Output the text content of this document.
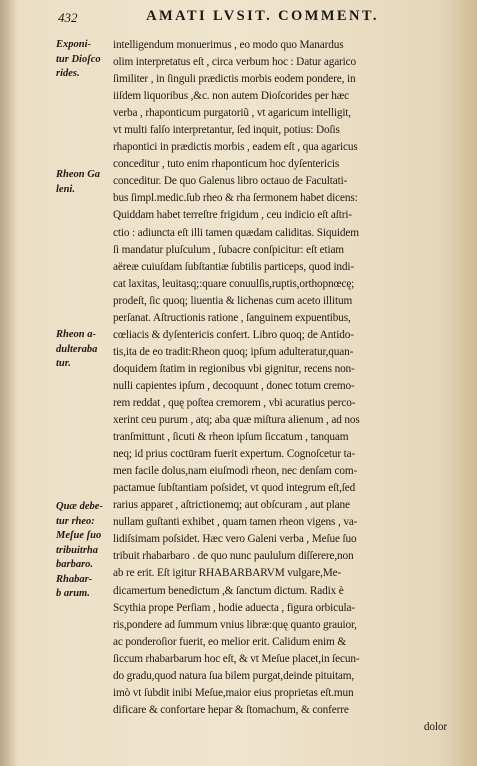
432	AMATI LVSIT. COMMENT.
Exponi-
tur Dioſco
rides.
Rheon Ga
leni.
Rheon a-
dulteraba
tur.
Quæ debe-
tur rheo:
Meſue ſuo
tribuitrha
barbaro.
Rhabar-
b arum.
intelligendum monuerimus , eo modo quo Manardus
olim interpretatus eſt , circa verbum hoc : Datur agarico
ſimiliter , in ſinguli prædictis morbis eodem pondere, in
iiſdem liquoribus ,&c. non autem Dioſcorides per hæc
verba , rhaponticum purgatoriũ , vt agaricum intelligit,
vt multi falſo interpretantur, ſed inquit, potius: Doſis
rhapontici in prædictis morbis , eadem eſt , qua agaricus
conceditur , tuto enim rhaponticum hoc dyſentericis
conceditur. De quo Galenus libro octauo de Facultati-
bus ſimpl.medic.ſub rheo & rha ſermonem habet dicens:
Quiddam habet terreſtre frigidum , ceu indicio eſt aſtri-
ctio : adiuncta eſt illi tamen quædam caliditas. Siquidem
ſi mandatur pluſculum , ſubacre conſpicitur: eſt etiam
aëreæ cuiuſdam ſubſtantiæ ſubtilis particeps, quod indi-
cat laxitas, leuitasq;:quare conuulſis,ruptis,orthopnœcę;
prodeſt, ſic quoq; liuentia & lichenas cum aceto illitum
perſanat. Aſtructionis ratione , ſanguinem expuentibus,
cœliacis & dyſentericis confert. Libro quoq; de Antido-
tis,ita de eo tradit:Rheon quoq; ipſum adulteratur,quan-
doquidem ſtatim in regionibus vbi gignitur, recens non-
nulli capientes ipſum , decoquunt , donec totum cremo-
rem reddat , quę poſtea cremorem , vbi acuratius perco-
xerint ceu purum , atq; aba quæ miſtura alienum , ad nos
tranſmittunt , ſicuti & rheon ipſum ſiccatum , tanquam
neq; id prius coctūram fuerit expertum. Cognoſcetur ta-
men facile dolus,nam eiuſmodi rheon, nec denſam com-
pactamue ſubſtantiam poſsidet, vt quod integrum eſt,ſed
rarius apparet , aſtrictionemq; aut obſcuram , aut plane
nullam guſtanti exhibet , quam tamen rheon vigens , va-
lidiſsimam poſsidet. Hæc vero Galeni verba , Meſue ſuo
tribuit rhabarbaro . de quo nunc paululum diſſerere,non
ab re erit. Eſt igitur RHABARBARVM vulgare,Me-
dicamertum benedictum ,& ſanctum dictum. Radix è
Scythia prope Perſiam , hodie aduecta , figura orbicula-
ris,pondere ad ſummum vnius libræ:quę quanto grauior,
ac ponderoſior fuerit, eo melior erit. Calidum enim &
ſiccum rhabarbarum hoc eſt, & vt Meſue placet,in ſecun-
do gradu,quod natura ſua bilem purgat,deinde pituitam,
imò vt ſubdit inibi Meſue,maior eius proprietas eſt.mun
dificare & confortare hepar & ſtomachum, & conferre
dolor
